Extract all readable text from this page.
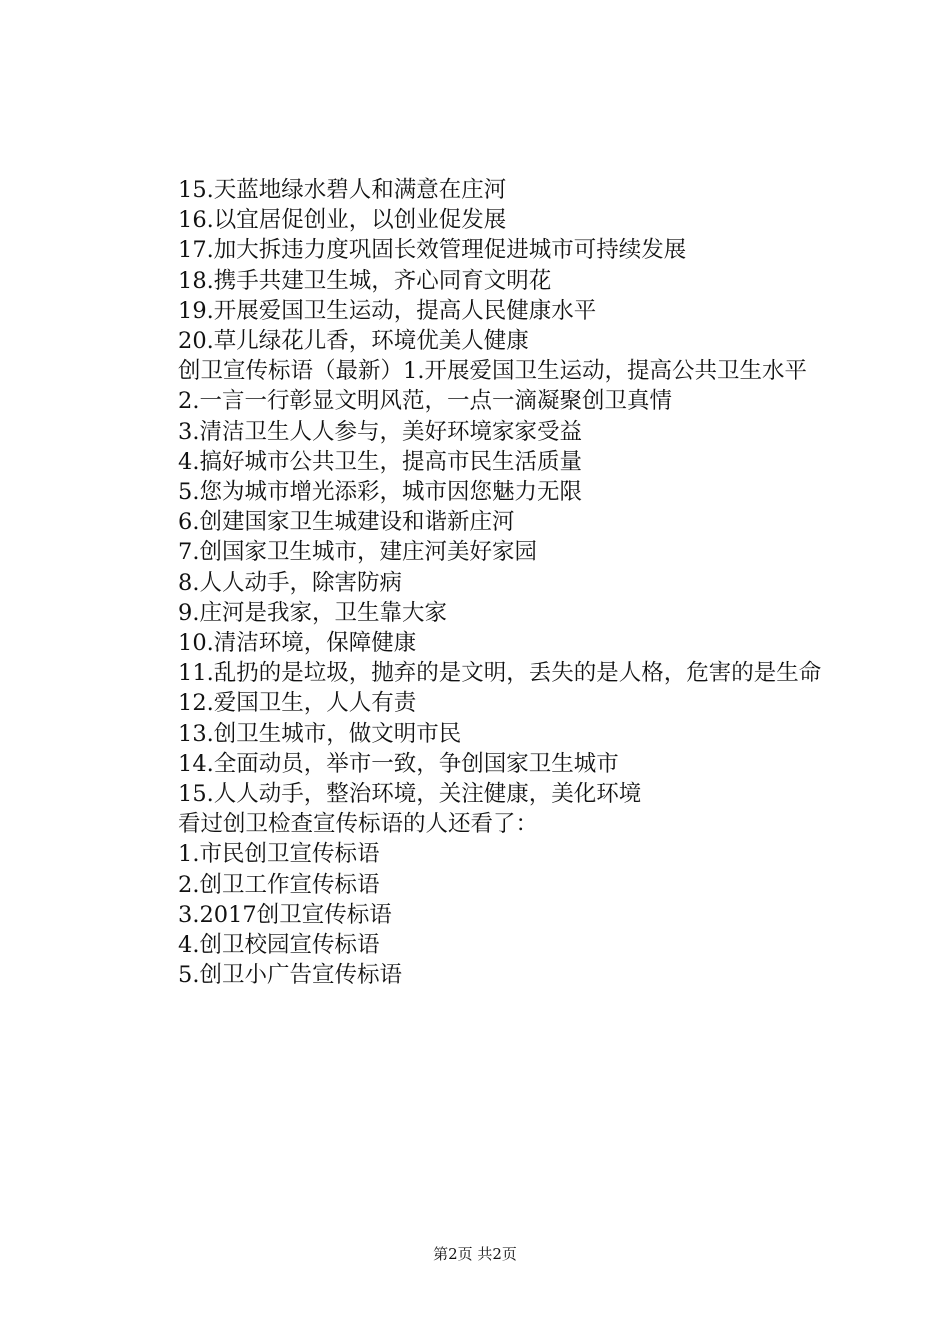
15.天蓝地绿水碧人和满意在庄河

16.以宜居促创业，以创业促发展

17.加大拆违力度巩固长效管理促进城市可持续发展

18.携手共建卫生城，齐心同育文明花

19.开展爱国卫生运动，提高人民健康水平

20.草儿绿花儿香，环境优美人健康

创卫宣传标语（最新）1.开展爱国卫生运动，提高公共卫生水平

2.一言一行彰显文明风范，一点一滴凝聚创卫真情

3.清洁卫生人人参与，美好环境家家受益

4.搞好城市公共卫生，提高市民生活质量

5.您为城市增光添彩，城市因您魅力无限

6.创建国家卫生城建设和谐新庄河

7.创国家卫生城市，建庄河美好家园

8.人人动手，除害防病

9.庄河是我家，卫生靠大家

10.清洁环境，保障健康

11.乱扔的是垃圾，抛弃的是文明，丢失的是人格，危害的是生命

12.爱国卫生，人人有责

13.创卫生城市，做文明市民

14.全面动员，举市一致，争创国家卫生城市

15.人人动手，整治环境，关注健康，美化环境

看过创卫检查宣传标语的人还看了：

1.市民创卫宣传标语

2.创卫工作宣传标语

3.2017创卫宣传标语

4.创卫校园宣传标语

5.创卫小广告宣传标语

第2页 共2页
